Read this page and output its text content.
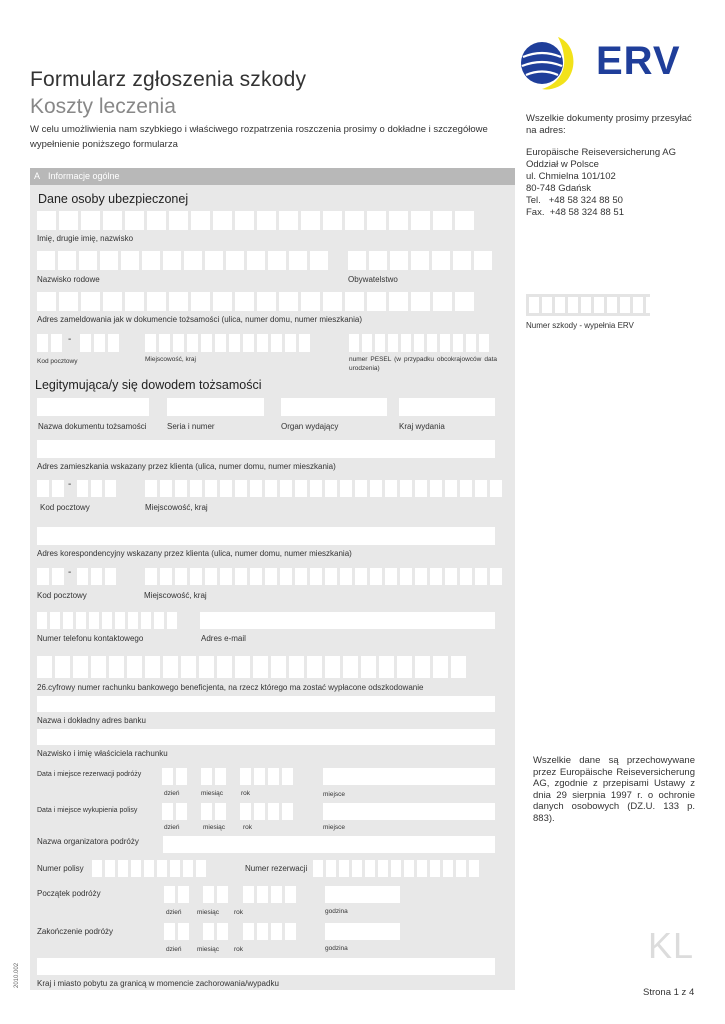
Formularz zgłoszenia szkody
Koszty leczenia
W celu umożliwienia nam szybkiego i właściwego rozpatrzenia roszczenia prosimy o dokładne i szczegółowe wypełnienie poniższego formularza
ERV
Wszelkie dokumenty prosimy przesyłać na adres:
Europäische Reiseversicherung AG
Oddział w Polsce
ul. Chmielna 101/102
80-748 Gdańsk
Tel.   +48 58 324 88 50
Fax.  +48 58 324 88 51
Numer szkody - wypełnia ERV
Wszelkie dane są przechowywane przez Europäische Reiseversicherung AG, zgodnie z przepisami Ustawy z dnia 29 sierpnia 1997 r. o ochronie danych osobowych (DZ.U. 133 p. 883).
A Informacje ogólne
Dane osoby ubezpieczonej
Imię, drugie imię, nazwisko
Nazwisko rodowe	Obywatelstwo
Adres zameldowania jak w dokumencie tożsamości (ulica, numer domu, numer mieszkania)
-
Kod pocztowy	Miejscowość, kraj	numer PESEL (w przypadku obcokrajowców data urodzenia)
Legitymująca/y się dowodem tożsamości
Nazwa dokumentu tożsamości	Seria i numer	Organ wydający	Kraj wydania
Adres zamieszkania wskazany przez klienta (ulica, numer domu, numer mieszkania)
-
Kod pocztowy	Miejscowość, kraj
Adres korespondencyjny wskazany przez klienta (ulica, numer domu, numer mieszkania)
-
Kod pocztowy	Miejscowość, kraj
Numer telefonu kontaktowego	Adres e-mail
26.cyfrowy numer rachunku bankowego beneficjenta, na rzecz którego ma zostać wypłacone odszkodowanie
Nazwa i dokładny adres banku
Nazwisko i imię właściciela rachunku
Data i miejsce rezerwacji podróży
dzień	miesiąc	rok	miejsce
Data i miejsce wykupienia polisy
dzień	miesiąc	rok	miejsce
Nazwa organizatora podróży
Numer polisy	Numer rezerwacji
Początek podróży
dzień miesiąc rok	godzina
Zakończenie podróży
dzień miesiąc rok	godzina
Kraj i miasto pobytu za granicą w momencie zachorowania/wypadku
KL
Strona 1 z 4
2010.002
